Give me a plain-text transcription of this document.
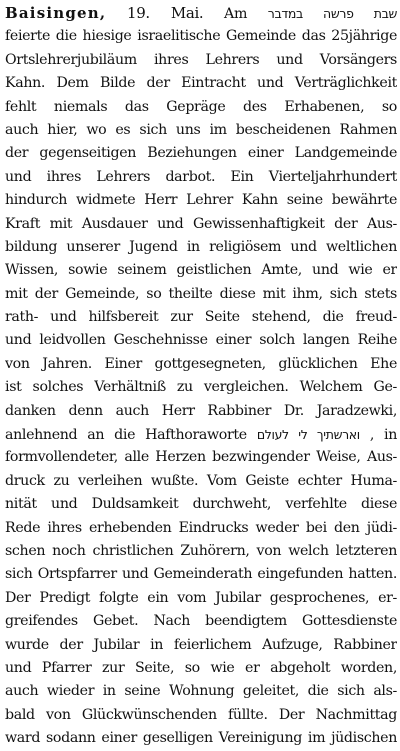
Baisingen, 19. Mai. Am שבת פרשה במדבר
feierte die hiesige israelitische Gemeinde das 25jährige
Ortslehrerjubiläum ihres Lehrers und Vorsängers
Kahn. Dem Bilde der Eintracht und Verträglichkeit
fehlt niemals das Gepräge des Erhabenen, so
auch hier, wo es sich uns im bescheidenen Rahmen
der gegenseitigen Beziehungen einer Landgemeinde
und ihres Lehrers darbot. Ein Vierteljahrhundert
hindurch widmete Herr Lehrer Kahn seine bewährte
Kraft mit Ausdauer und Gewissenhaftigkeit der Aus-
bildung unserer Jugend in religiösem und weltlichen
Wissen, sowie seinem geistlichen Amte, und wie er
mit der Gemeinde, so theilte diese mit ihm, sich stets
rath- und hilfsbereit zur Seite stehend, die freud-
und leidvollen Geschehnisse einer solch langen Reihe
von Jahren. Einer gottgesegneten, glücklichen Ehe
ist solches Verhältniß zu vergleichen. Welchem Ge-
danken denn auch Herr Rabbiner Dr. Jaradzewki,
anlehnend an die Hafthoraworte וארשתיך לי לעולם , in
formvollendeter, alle Herzen bezwingender Weise, Aus-
druck zu verleihen wußte. Vom Geiste echter Huma-
nität und Duldsamkeit durchweht, verfehlte diese
Rede ihres erhebenden Eindrucks weder bei den jüdi-
schen noch christlichen Zuhörern, von welch letzteren
sich Ortspfarrer und Gemeinderath eingefunden hatten.
Der Predigt folgte ein vom Jubilar gesprochenes, er-
greifendes Gebet. Nach beendigtem Gottesdienste
wurde der Jubilar in feierlichem Aufzuge, Rabbiner
und Pfarrer zur Seite, so wie er abgeholt worden,
auch wieder in seine Wohnung geleitet, die sich als-
bald von Glückwünschenden füllte. Der Nachmittag
ward sodann einer geselligen Vereinigung im jüdischen
